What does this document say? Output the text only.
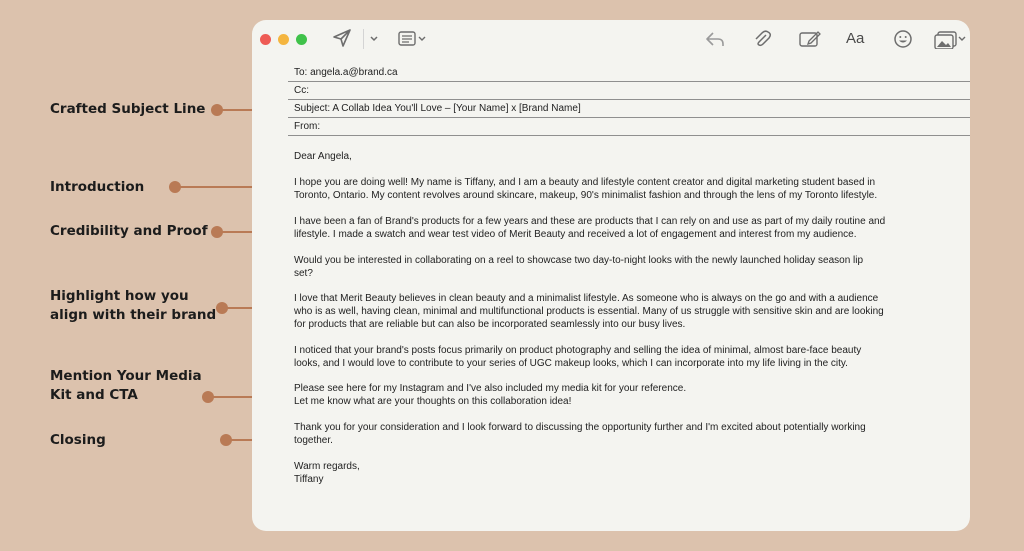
Crafted Subject Line
Introduction
Credibility and Proof
Highlight how you
align with their brand
Mention Your Media
Kit and CTA
Closing
Aa
To: angela.a@brand.ca
Cc:
Subject: A Collab Idea You'll Love – [Your Name] x [Brand Name]
From:
Dear Angela,
I hope you are doing well! My name is Tiffany, and I am a beauty and lifestyle content creator and digital marketing student based in
Toronto, Ontario. My content revolves around skincare, makeup, 90's minimalist fashion and through the lens of my Toronto lifestyle.
I have been a fan of Brand's products for a few years and these are products that I can rely on and use as part of my daily routine and
lifestyle. I made a swatch and wear test video of Merit Beauty and received a lot of engagement and interest from my audience.
Would you be interested in collaborating on a reel to showcase two day-to-night looks with the newly launched holiday season lip
set?
I love that Merit Beauty believes in clean beauty and a minimalist lifestyle. As someone who is always on the go and with a audience
who is as well, having clean, minimal and multifunctional products is essential. Many of us struggle with sensitive skin and are looking
for products that are reliable but can also be incorporated seamlessly into our busy lives.
I noticed that your brand's posts focus primarily on product photography and selling the idea of minimal, almost bare-face beauty
looks, and I would love to contribute to your series of UGC makeup looks, which I can incorporate into my life living in the city.
Please see here for my Instagram and I've also included my media kit for your reference.
Let me know what are your thoughts on this collaboration idea!
Thank you for your consideration and I look forward to discussing the opportunity further and I'm excited about potentially working
together.
Warm regards,
Tiffany
